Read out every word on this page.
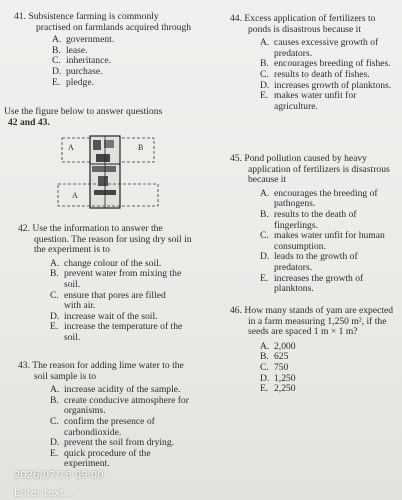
41. Subsistence farming is commonly practised on farmlands acquired through

A. government.
B. lease.
C. inheritance.
D. purchase.
E. pledge.
Use the figure below to answer questions
42 and 43.
A	B
A

42. Use the information to answer the question. The reason for using dry soil in the experiment is to

A. change colour of the soil.
B. prevent water from mixing the soil.
C. ensure that pores are filled with air.
D. increase wait of the soil.
E. increase the temperature of the soil.

43. The reason for adding lime water to the soil sample is to

A. increase acidity of the sample.
B. create conducive atmosphere for organisms.
C. confirm the presence of carbondioxide.
D. prevent the soil from drying.
E. quick procedure of the experiment.

44. Excess application of fertilizers to ponds is disastrous because it

A. causes excessive growth of predators.
B. encourages breeding of fishes.
C. results to death of fishes.
D. increases growth of planktons.
E. makes water unfit for agriculture.

45. Pond pollution caused by heavy application of fertilizers is disastrous because it

A. encourages the breeding of pathogens.
B. results to the death of fingerlings.
C. makes water unfit for human consumption.
D. leads to the growth of predators.
E. increases the growth of planktons.

46. How many stands of yam are expected in a farm measuring 1,250 m², if the seeds are spaced 1 m × 1 m?

A. 2,000
B. 625
C. 750
D. 1,250
E. 2,250
2026/07/18 09:00
Enter text...
